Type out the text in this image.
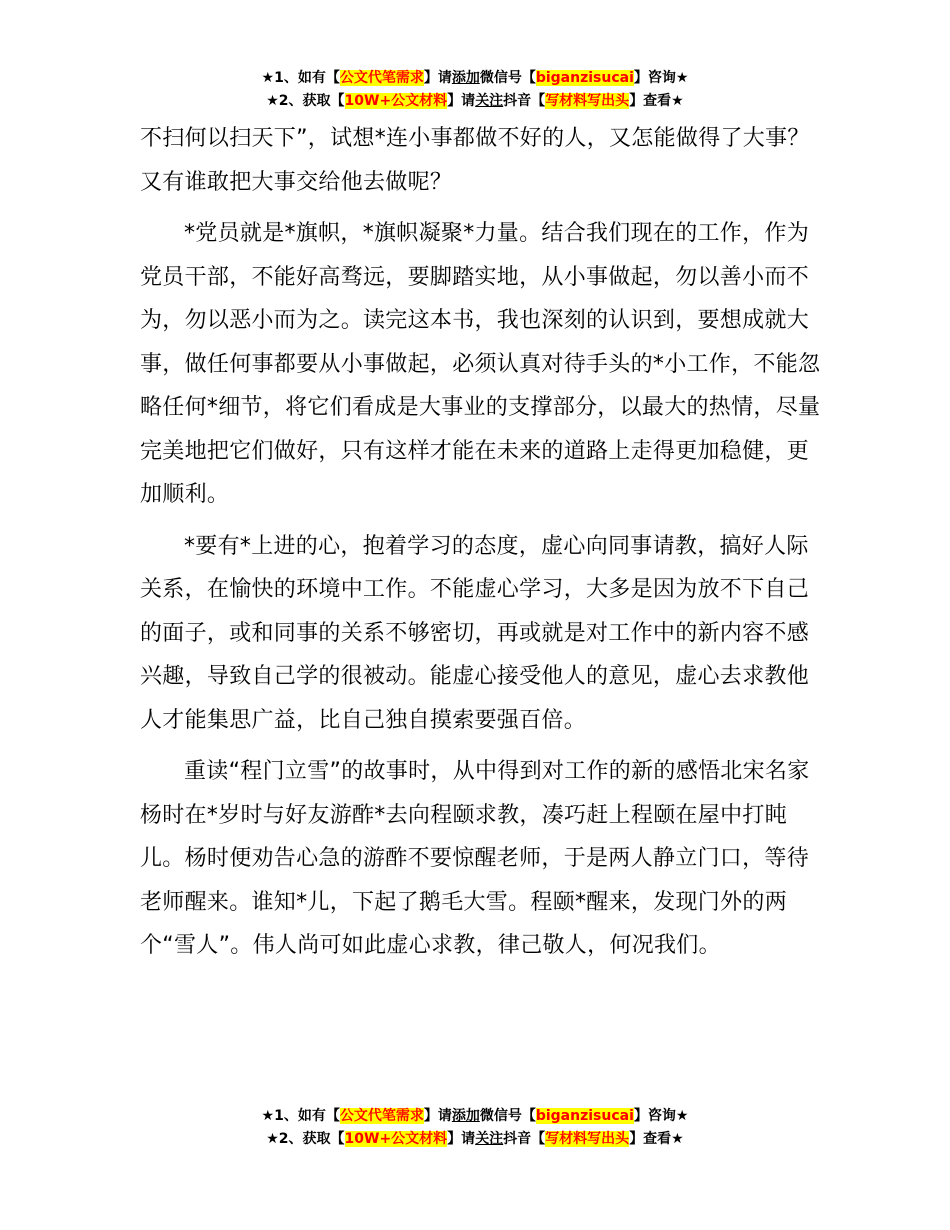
★1、如有【公文代笔需求】请添加微信号【biganzisucai】咨询★
★2、获取【10W+公文材料】请关注抖音【写材料写出头】查看★

不扫何以扫天下”，试想*连小事都做不好的人，又怎能做得了大事？又有谁敢把大事交给他去做呢？

*党员就是*旗帜，*旗帜凝聚*力量。结合我们现在的工作，作为党员干部，不能好高骛远，要脚踏实地，从小事做起，勿以善小而不为，勿以恶小而为之。读完这本书，我也深刻的认识到，要想成就大事，做任何事都要从小事做起，必须认真对待手头的*小工作，不能忽略任何*细节，将它们看成是大事业的支撑部分，以最大的热情，尽量完美地把它们做好，只有这样才能在未来的道路上走得更加稳健，更加顺利。

*要有*上进的心，抱着学习的态度，虚心向同事请教，搞好人际关系，在愉快的环境中工作。不能虚心学习，大多是因为放不下自己的面子，或和同事的关系不够密切，再或就是对工作中的新内容不感兴趣，导致自己学的很被动。能虚心接受他人的意见，虚心去求教他人才能集思广益，比自己独自摸索要强百倍。

重读“程门立雪”的故事时，从中得到对工作的新的感悟北宋名家杨时在*岁时与好友游酢*去向程颐求教，凑巧赶上程颐在屋中打盹儿。杨时便劝告心急的游酢不要惊醒老师，于是两人静立门口，等待老师醒来。谁知*儿，下起了鹅毛大雪。程颐*醒来，发现门外的两个“雪人”。伟人尚可如此虚心求教，律己敬人，何况我们。

★1、如有【公文代笔需求】请添加微信号【biganzisucai】咨询★
★2、获取【10W+公文材料】请关注抖音【写材料写出头】查看★
